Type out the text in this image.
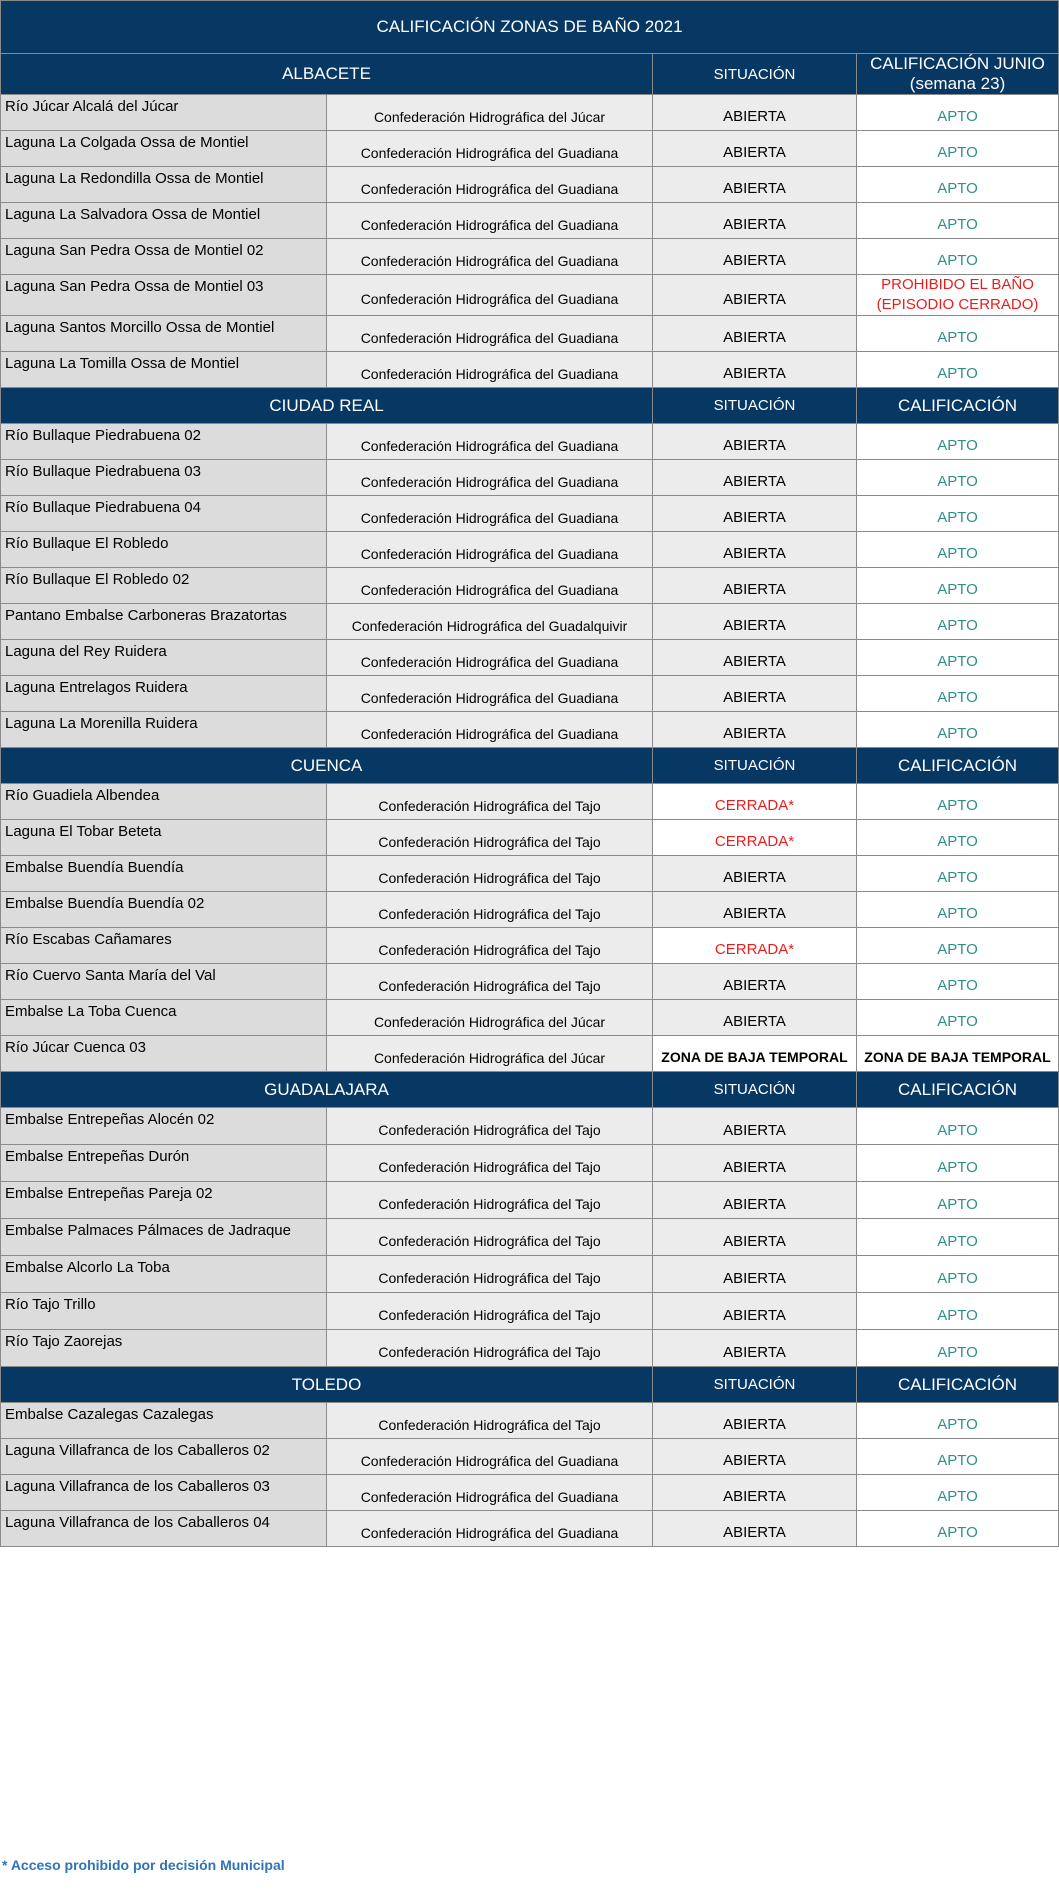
CALIFICACIÓN ZONAS DE BAÑO 2021			
ALBACETE		SITUACIÓN	CALIFICACIÓN JUNIO
(semana 23)

Río Júcar Alcalá del Júcar	Confederación Hidrográfica del Júcar	ABIERTA	APTO

Laguna La Colgada Ossa de Montiel	Confederación Hidrográfica del Guadiana	ABIERTA	APTO

Laguna La Redondilla Ossa de Montiel	Confederación Hidrográfica del Guadiana	ABIERTA	APTO

Laguna La Salvadora Ossa de Montiel	Confederación Hidrográfica del Guadiana	ABIERTA	APTO

Laguna San Pedra Ossa de Montiel 02	Confederación Hidrográfica del Guadiana	ABIERTA	APTO

Laguna San Pedra Ossa de Montiel 03	Confederación Hidrográfica del Guadiana	ABIERTA	PROHIBIDO EL BAÑO
(EPISODIO CERRADO)

Laguna Santos Morcillo Ossa de Montiel	Confederación Hidrográfica del Guadiana	ABIERTA	APTO

Laguna La Tomilla Ossa de Montiel	Confederación Hidrográfica del Guadiana	ABIERTA	APTO

CIUDAD REAL		SITUACIÓN	CALIFICACIÓN

Río Bullaque Piedrabuena 02	Confederación Hidrográfica del Guadiana	ABIERTA	APTO

Río Bullaque Piedrabuena 03	Confederación Hidrográfica del Guadiana	ABIERTA	APTO

Río Bullaque Piedrabuena 04	Confederación Hidrográfica del Guadiana	ABIERTA	APTO

Río Bullaque El Robledo	Confederación Hidrográfica del Guadiana	ABIERTA	APTO

Río Bullaque El Robledo 02	Confederación Hidrográfica del Guadiana	ABIERTA	APTO

Pantano Embalse Carboneras Brazatortas	Confederación Hidrográfica del Guadalquivir	ABIERTA	APTO

Laguna del Rey Ruidera	Confederación Hidrográfica del Guadiana	ABIERTA	APTO

Laguna Entrelagos Ruidera	Confederación Hidrográfica del Guadiana	ABIERTA	APTO

Laguna La Morenilla Ruidera	Confederación Hidrográfica del Guadiana	ABIERTA	APTO

CUENCA		SITUACIÓN	CALIFICACIÓN

Río Guadiela Albendea	Confederación Hidrográfica del Tajo	CERRADA*	APTO

Laguna El Tobar Beteta	Confederación Hidrográfica del Tajo	CERRADA*	APTO

Embalse Buendía Buendía	Confederación Hidrográfica del Tajo	ABIERTA	APTO

Embalse Buendía Buendía 02	Confederación Hidrográfica del Tajo	ABIERTA	APTO

Río Escabas Cañamares	Confederación Hidrográfica del Tajo	CERRADA*	APTO

Río Cuervo Santa María del Val	Confederación Hidrográfica del Tajo	ABIERTA	APTO

Embalse La Toba Cuenca	Confederación Hidrográfica del Júcar	ABIERTA	APTO

Río Júcar Cuenca 03	Confederación Hidrográfica del Júcar	ZONA DE BAJA TEMPORAL	ZONA DE BAJA TEMPORAL

GUADALAJARA		SITUACIÓN	CALIFICACIÓN

Embalse Entrepeñas Alocén 02	Confederación Hidrográfica del Tajo	ABIERTA	APTO

Embalse Entrepeñas Durón	Confederación Hidrográfica del Tajo	ABIERTA	APTO

Embalse Entrepeñas Pareja 02	Confederación Hidrográfica del Tajo	ABIERTA	APTO

Embalse Palmaces Pálmaces de Jadraque	Confederación Hidrográfica del Tajo	ABIERTA	APTO

Embalse Alcorlo La Toba	Confederación Hidrográfica del Tajo	ABIERTA	APTO

Río Tajo Trillo	Confederación Hidrográfica del Tajo	ABIERTA	APTO

Río Tajo Zaorejas	Confederación Hidrográfica del Tajo	ABIERTA	APTO

TOLEDO		SITUACIÓN	CALIFICACIÓN

Embalse Cazalegas Cazalegas	Confederación Hidrográfica del Tajo	ABIERTA	APTO

Laguna Villafranca de los Caballeros 02	Confederación Hidrográfica del Guadiana	ABIERTA	APTO

Laguna Villafranca de los Caballeros 03	Confederación Hidrográfica del Guadiana	ABIERTA	APTO

Laguna Villafranca de los Caballeros 04	Confederación Hidrográfica del Guadiana	ABIERTA	APTO
* Acceso prohibido por decisión Municipal
